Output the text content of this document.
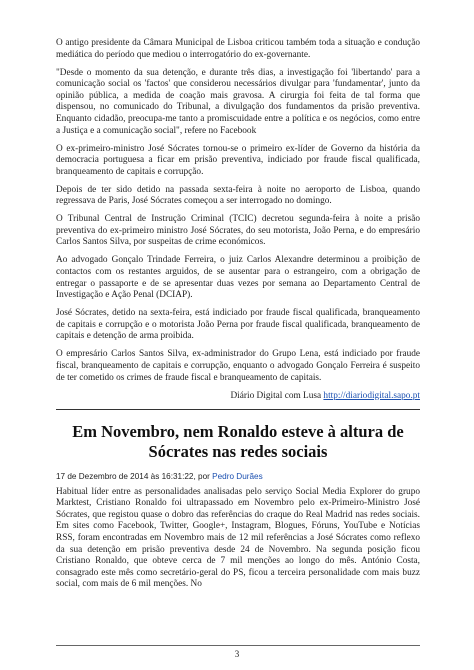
O antigo presidente da Câmara Municipal de Lisboa criticou também toda a situação e condução mediática do período que mediou o interrogatório do ex-governante.

"Desde o momento da sua detenção, e durante três dias, a investigação foi 'libertando' para a comunicação social os 'factos' que considerou necessários divulgar para 'fundamentar', junto da opinião pública, a medida de coação mais gravosa. A cirurgia foi feita de tal forma que dispensou, no comunicado do Tribunal, a divulgação dos fundamentos da prisão preventiva. Enquanto cidadão, preocupa-me tanto a promiscuidade entre a política e os negócios, como entre a Justiça e a comunicação social", refere no Facebook

O ex-primeiro-ministro José Sócrates tornou-se o primeiro ex-líder de Governo da história da democracia portuguesa a ficar em prisão preventiva, indiciado por fraude fiscal qualificada, branqueamento de capitais e corrupção.

Depois de ter sido detido na passada sexta-feira à noite no aeroporto de Lisboa, quando regressava de Paris, José Sócrates começou a ser interrogado no domingo.

O Tribunal Central de Instrução Criminal (TCIC) decretou segunda-feira à noite a prisão preventiva do ex-primeiro ministro José Sócrates, do seu motorista, João Perna, e do empresário Carlos Santos Silva, por suspeitas de crime económicos.

Ao advogado Gonçalo Trindade Ferreira, o juiz Carlos Alexandre determinou a proibição de contactos com os restantes arguidos, de se ausentar para o estrangeiro, com a obrigação de entregar o passaporte e de se apresentar duas vezes por semana ao Departamento Central de Investigação e Ação Penal (DCIAP).

José Sócrates, detido na sexta-feira, está indiciado por fraude fiscal qualificada, branqueamento de capitais e corrupção e o motorista João Perna por fraude fiscal qualificada, branqueamento de capitais e detenção de arma proibida.

O empresário Carlos Santos Silva, ex-administrador do Grupo Lena, está indiciado por fraude fiscal, branqueamento de capitais e corrupção, enquanto o advogado Gonçalo Ferreira é suspeito de ter cometido os crimes de fraude fiscal e branqueamento de capitais.

Diário Digital com Lusa http://diariodigital.sapo.pt
Em Novembro, nem Ronaldo esteve à altura de
Sócrates nas redes sociais
17 de Dezembro de 2014 às 16:31:22, por Pedro Durães

Habitual líder entre as personalidades analisadas pelo serviço Social Media Explorer do grupo Marktest, Cristiano Ronaldo foi ultrapassado em Novembro pelo ex-Primeiro-Ministro José Sócrates, que registou quase o dobro das referências do craque do Real Madrid nas redes sociais. Em sites como Facebook, Twitter, Google+, Instagram, Blogues, Fóruns, YouTube e Notícias RSS, foram encontradas em Novembro mais de 12 mil referências a José Sócrates como reflexo da sua detenção em prisão preventiva desde 24 de Novembro. Na segunda posição ficou Cristiano Ronaldo, que obteve cerca de 7 mil menções ao longo do mês. António Costa, consagrado este mês como secretário-geral do PS, ficou a terceira personalidade com mais buzz social, com mais de 6 mil menções. No

3
